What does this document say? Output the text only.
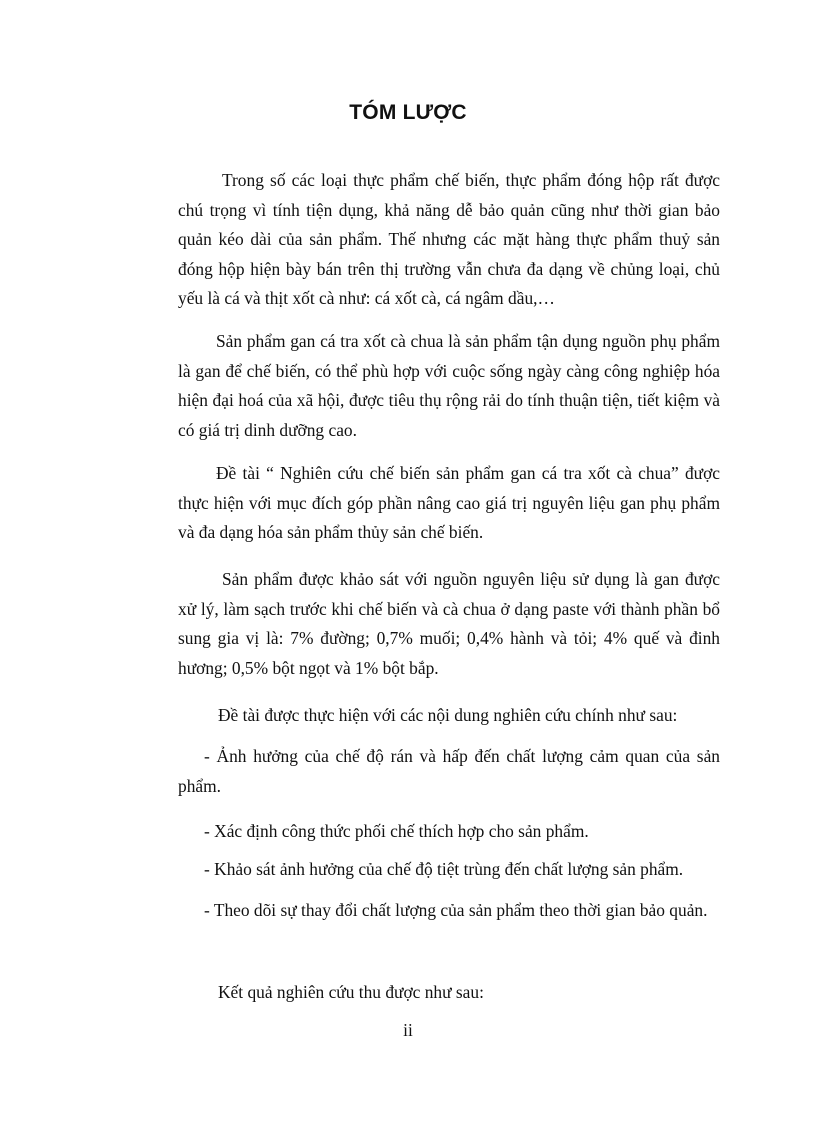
TÓM LƯỢC

Trong số các loại thực phẩm chế biến, thực phẩm đóng hộp rất được chú trọng vì tính tiện dụng, khả năng dễ bảo quản cũng như thời gian bảo quản kéo dài của sản phẩm. Thế nhưng các mặt hàng thực phẩm thuỷ sản đóng hộp hiện bày bán trên thị trường vẫn chưa đa dạng về chủng loại, chủ yếu là cá và thịt xốt cà như: cá xốt cà, cá ngâm dầu,…

Sản phẩm gan cá tra xốt cà chua là sản phẩm tận dụng nguồn phụ phẩm là gan để chế biến, có thể phù hợp với cuộc sống ngày càng công nghiệp hóa hiện đại hoá của xã hội, được tiêu thụ rộng rải do tính thuận tiện, tiết kiệm và có giá trị dinh dưỡng cao.

Đề tài “ Nghiên cứu chế biến sản phẩm gan cá tra xốt cà chua” được thực hiện với mục đích góp phần nâng cao giá trị nguyên liệu gan phụ phẩm và đa dạng hóa sản phẩm thủy sản chế biến.

Sản phẩm được khảo sát với nguồn nguyên liệu sử dụng là gan được xử lý, làm sạch trước khi chế biến và cà chua ở dạng paste với thành phần bổ sung gia vị là: 7% đường; 0,7% muối; 0,4% hành và tỏi; 4% quế và đinh hương; 0,5% bột ngọt và 1% bột bắp.

Đề tài được thực hiện với các nội dung nghiên cứu chính như sau:

- Ảnh hưởng của chế độ rán và hấp đến chất lượng cảm quan của sản phẩm.

- Xác định công thức phối chế thích hợp cho sản phẩm.

- Khảo sát ảnh hưởng của chế độ tiệt trùng đến chất lượng sản phẩm.

- Theo dõi sự thay đổi chất lượng của sản phẩm theo thời gian bảo quản.

Kết quả nghiên cứu thu được như sau:

ii
